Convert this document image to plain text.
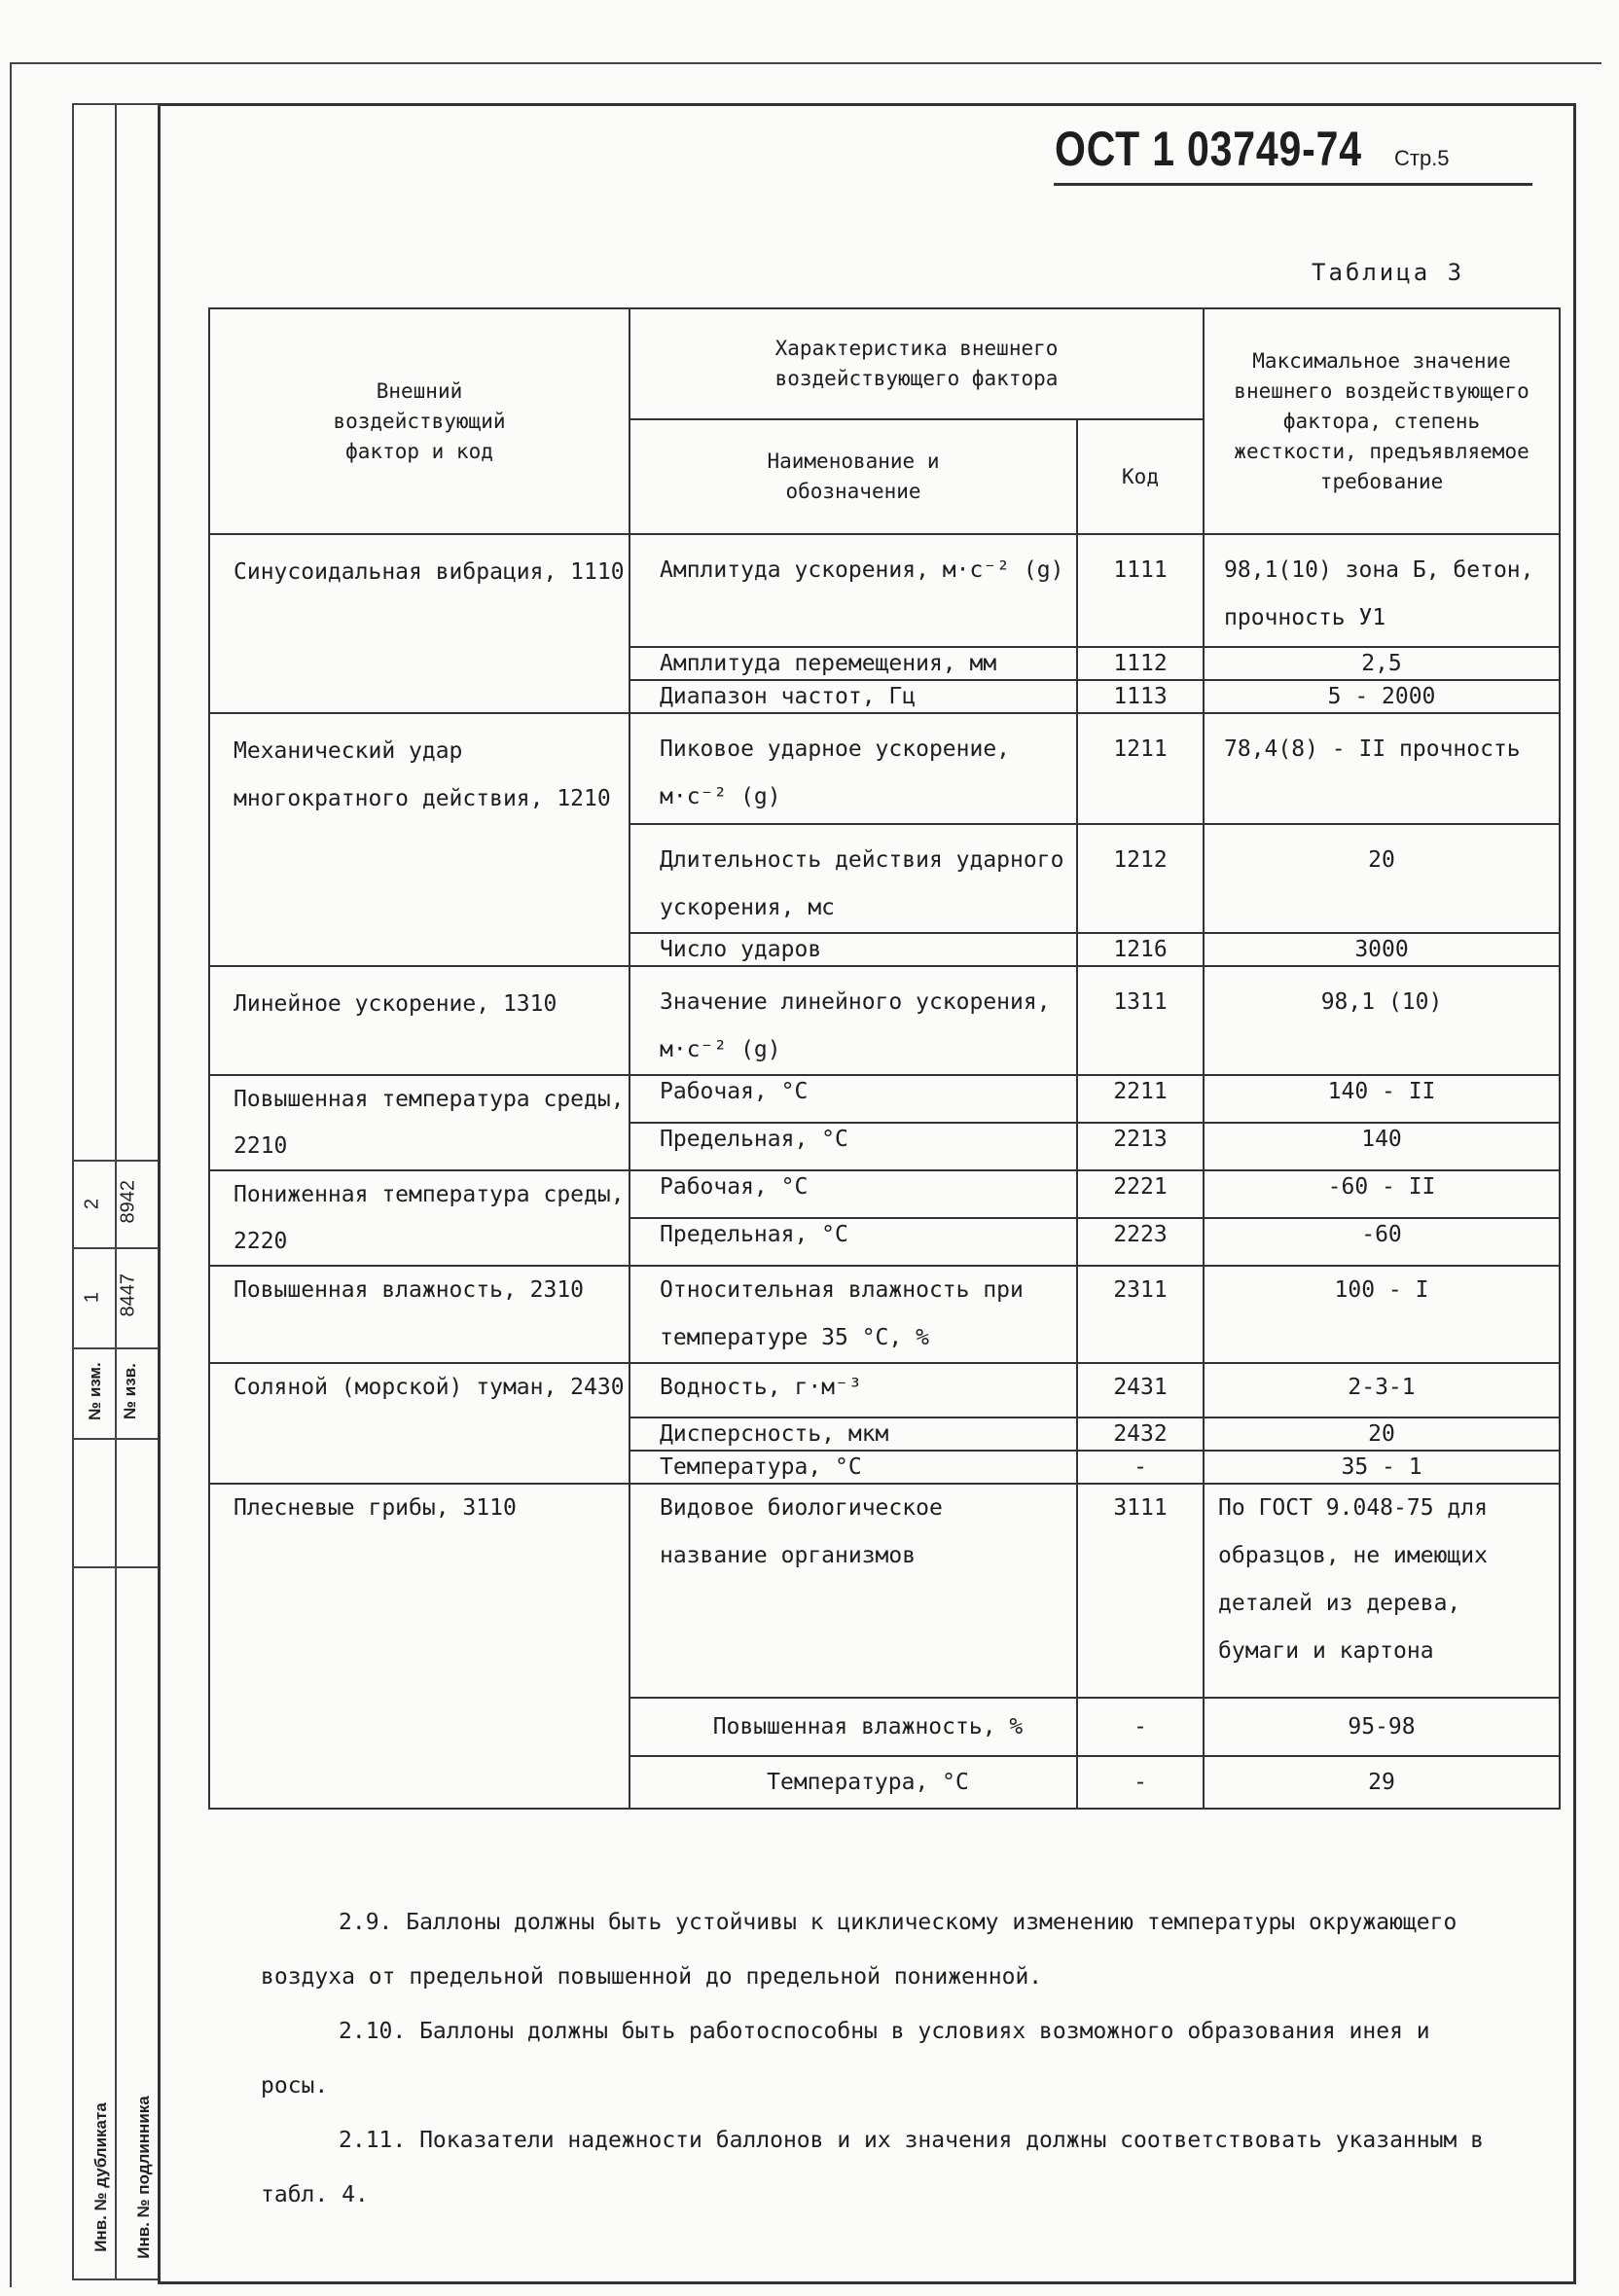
8942
2
8447
1
№ изв.
№ изм.
Инв. № подлинника
Инв. № дубликата
ОСТ 1 03749-74 Стр.5
Таблица 3
Внешний воздействующий фактор и код	Характеристика внешнего воздействующего фактора		Максимальное значение внешнего воздействующего фактора, степень жесткости, предъявляемое требование
	Наименование и обозначение	Код	
Синусоидальная вибрация, 1110	Амплитуда ускорения, м·с⁻² (g)	1111	98,1(10) зона Б, бетон, прочность У1
	Амплитуда перемещения, мм	1112	2,5
	Диапазон частот, Гц	1113	5 - 2000
Механический удар многократного действия, 1210	Пиковое ударное ускорение, м·с⁻² (g)	1211	78,4(8) - II прочность
	Длительность действия ударного ускорения, мс	1212	20
	Число ударов	1216	3000
Линейное ускорение, 1310	Значение линейного ускорения, м·с⁻² (g)	1311	98,1 (10)
Повышенная температура среды, 2210	Рабочая, °С	2211	140 - II
	Предельная, °С	2213	140
Пониженная температура среды, 2220	Рабочая, °С	2221	-60 - II
	Предельная, °С	2223	-60
Повышенная влажность, 2310	Относительная влажность при температуре 35 °С, %	2311	100 - I
Соляной (морской) туман, 2430	Водность, г·м⁻³	2431	2-3-1
	Дисперсность, мкм	2432	20
	Температура, °С	-	35 - 1
Плесневые грибы, 3110	Видовое биологическое название организмов	3111	По ГОСТ 9.048-75 для образцов, не имеющих деталей из дерева, бумаги и картона
	Повышенная влажность, %	-	95-98
	Температура, °С	-	29
2.9. Баллоны должны быть устойчивы к циклическому изменению температуры окружающего воздуха от предельной повышенной до предельной пониженной.
2.10. Баллоны должны быть работоспособны в условиях возможного образования инея и росы.
2.11. Показатели надежности баллонов и их значения должны соответствовать указанным в табл. 4.
